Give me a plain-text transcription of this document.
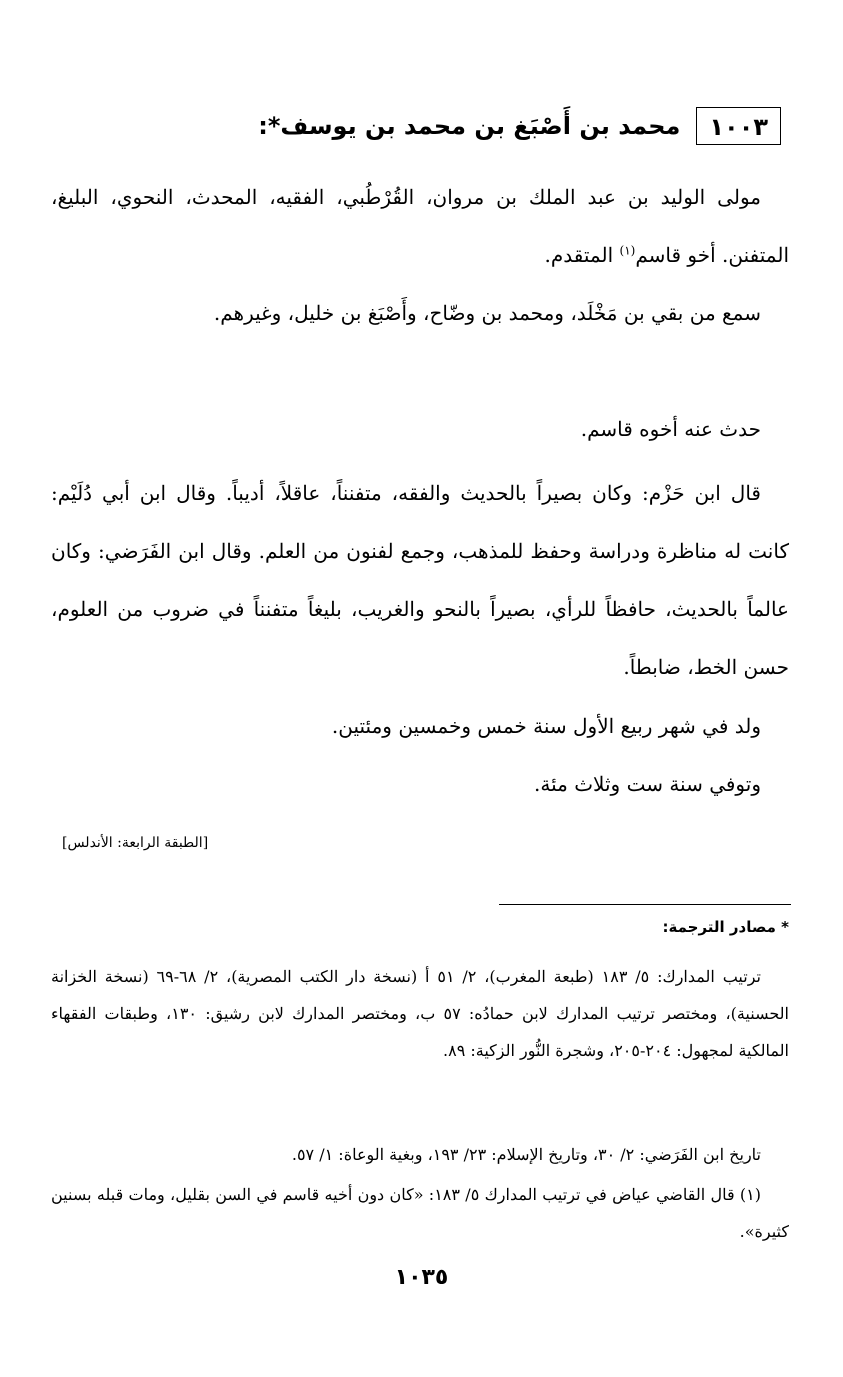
١٠٠٣
محمد بن أَصْبَغ بن محمد بن يوسف*:

مولى الوليد بن عبد الملك بن مروان، القُرْطُبي، الفقيه، المحدث، النحوي، البليغ، المتفنن. أخو قاسم$^{(١)}$ المتقدم.

سمع من بقي بن مَخْلَد، ومحمد بن وضّاح، وأَصْبَغ بن خليل، وغيرهم.

حدث عنه أخوه قاسم.

قال ابن حَزْم: وكان بصيراً بالحديث والفقه، متفنناً، عاقلاً، أديباً. وقال ابن أبي دُلَيْم: كانت له مناظرة ودراسة وحفظ للمذهب، وجمع لفنون من العلم. وقال ابن الفَرَضي: وكان عالماً بالحديث، حافظاً للرأي، بصيراً بالنحو والغريب، بليغاً متفنناً في ضروب من العلوم، حسن الخط، ضابطاً.

ولد في شهر ربيع الأول سنة خمس وخمسين ومئتين.

وتوفي سنة ست وثلاث مئة.

[الطبقة الرابعة: الأندلس]
* مصادر الترجمة:

ترتيب المدارك: ٥/ ١٨٣ (طبعة المغرب)، ٢/ ٥١ أ (نسخة دار الكتب المصرية)، ٢/ ٦٨-٦٩ (نسخة الخزانة الحسنية)، ومختصر ترتيب المدارك لابن حمادُه: ٥٧ ب، ومختصر المدارك لابن رشيق: ١٣٠، وطبقات الفقهاء المالكية لمجهول: ٢٠٤-٢٠٥، وشجرة النُّور الزكية: ٨٩.

تاريخ ابن الفَرَضي: ٢/ ٣٠، وتاريخ الإسلام: ٢٣/ ١٩٣، وبغية الوعاة: ١/ ٥٧.

(١) قال القاضي عياض في ترتيب المدارك ٥/ ١٨٣: «كان دون أخيه قاسم في السن بقليل، ومات قبله بسنين كثيرة».

١٠٣٥
